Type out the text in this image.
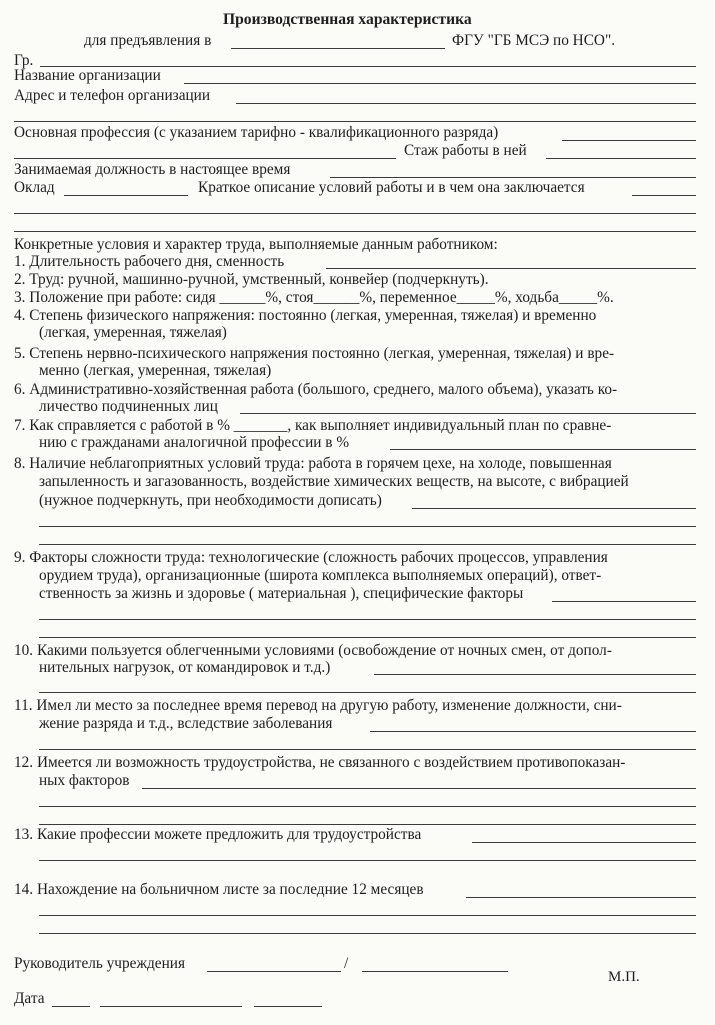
Производственная характеристика
для предъявления в	ФГУ "ГБ МСЭ по НСО".
Гр.
Название организации
Адрес и телефон организации
Основная профессия (с указанием тарифно - квалификационного разряда)
Стаж работы в ней
Занимаемая должность в настоящее время
Оклад	Краткое описание условий работы и в чем она заключается
Конкретные условия и характер труда, выполняемые данным работником:
1. Длительность рабочего дня, сменность
2. Труд: ручной, машинно-ручной, умственный, конвейер (подчеркнуть).
3. Положение при работе: сидя ______%, стоя______%, переменное_____%, ходьба_____%.
4. Степень физического напряжения: постоянно (легкая, умеренная, тяжелая) и временно
(легкая, умеренная, тяжелая)
5. Степень нервно-психического напряжения постоянно (легкая, умеренная, тяжелая) и вре-
менно (легкая, умеренная, тяжелая)
6. Административно-хозяйственная работа (большого, среднего, малого объема), указать ко-
личество подчиненных лиц
7. Как справляется с работой в % _______, как выполняет индивидуальный план по сравне-
нию с гражданами аналогичной профессии в %
8. Наличие неблагоприятных условий труда: работа в горячем цехе, на холоде, повышенная
запыленность и загазованность, воздействие химических веществ, на высоте, с вибрацией
(нужное подчеркнуть, при необходимости дописать)
9. Факторы сложности труда: технологические (сложность рабочих процессов, управления
орудием труда), организационные (широта комплекса выполняемых операций), ответ-
ственность за жизнь и здоровье ( материальная ), специфические факторы
10. Какими пользуется облегченными условиями (освобождение от ночных смен, от допол-
нительных нагрузок, от командировок и т.д.)
11. Имел ли место за последнее время перевод на другую работу, изменение должности, сни-
жение разряда и т.д., вследствие заболевания
12. Имеется ли возможность трудоустройства, не связанного с воздействием противопоказан-
ных факторов
13. Какие профессии можете предложить для трудоустройства
14. Нахождение на больничном листе за последние 12 месяцев
Руководитель учреждения	/
М.П.
Дата
